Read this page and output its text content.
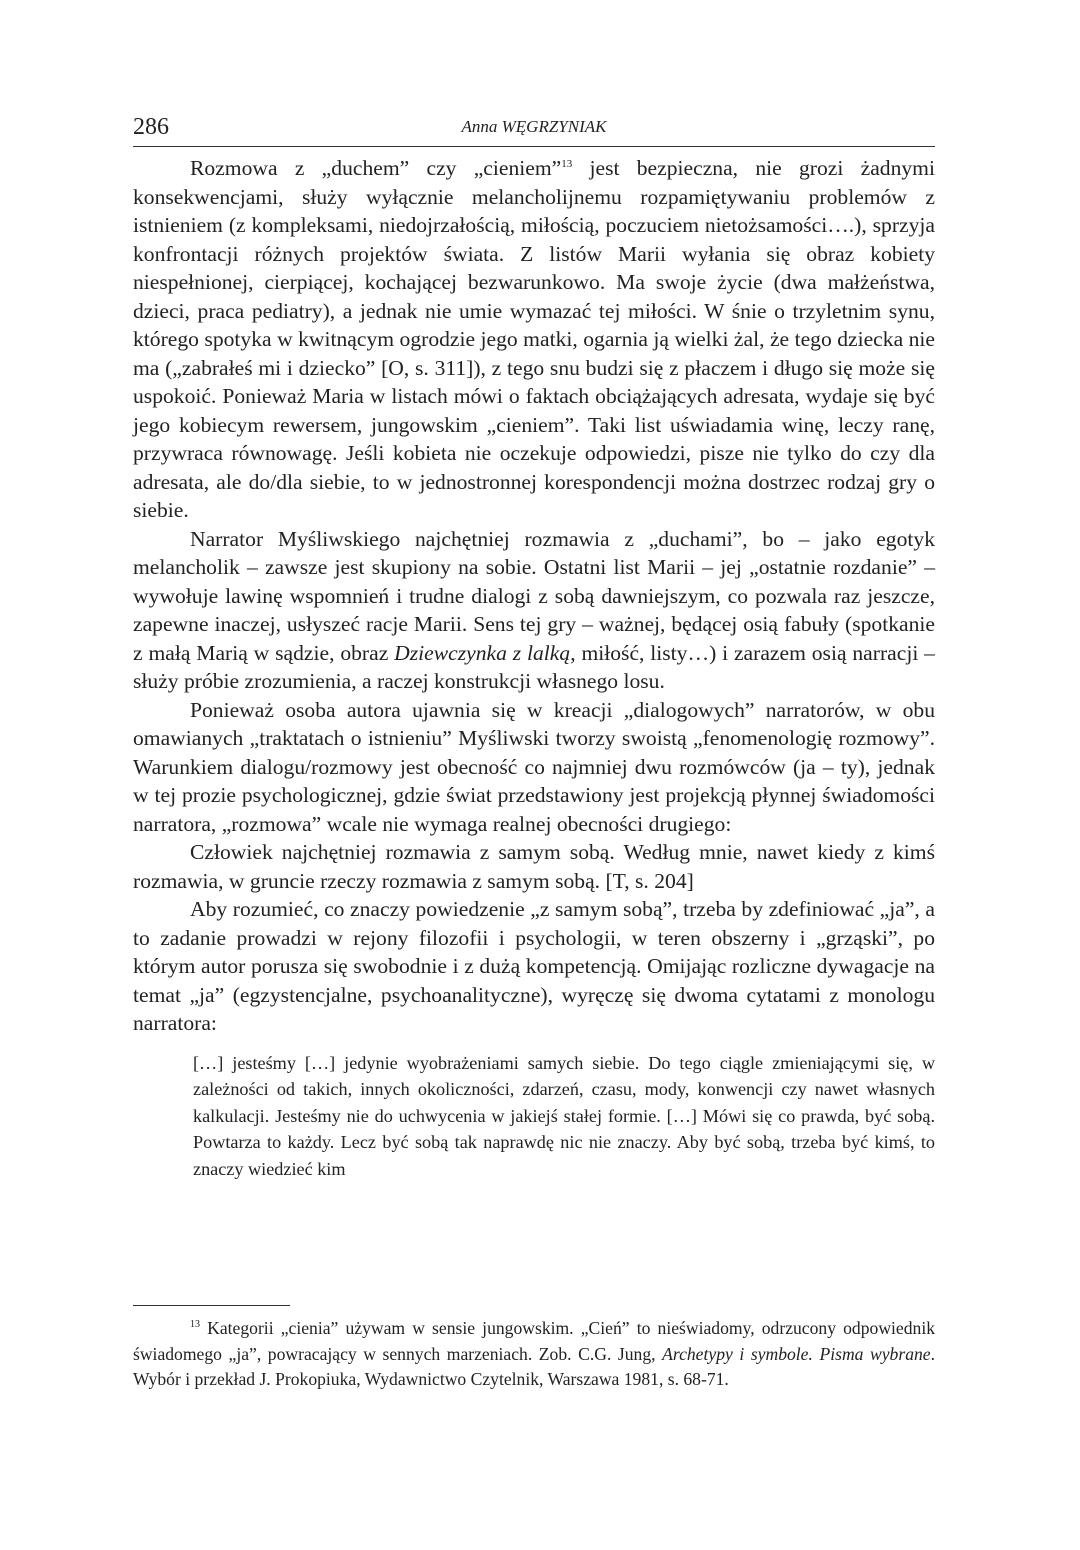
286	Anna WĘGRZYNIAK

Rozmowa z „duchem” czy „cieniem”$^{13}$ jest bezpieczna, nie grozi żadnymi konsekwencjami, służy wyłącznie melancholijnemu rozpamiętywaniu problemów z istnieniem (z kompleksami, niedojrzałością, miłością, poczuciem nietożsamości….), sprzyja konfrontacji różnych projektów świata. Z listów Marii wyłania się obraz kobiety niespełnionej, cierpiącej, kochającej bezwarunkowo. Ma swoje życie (dwa małżeństwa, dzieci, praca pediatry), a jednak nie umie wymazać tej miłości. W śnie o trzyletnim synu, którego spotyka w kwitnącym ogrodzie jego matki, ogarnia ją wielki żal, że tego dziecka nie ma („zabrałeś mi i dziecko” [O, s. 311]), z tego snu budzi się z płaczem i długo się może się uspokoić. Ponieważ Maria w listach mówi o faktach obciążających adresata, wydaje się być jego kobiecym rewersem, jungowskim „cieniem”. Taki list uświadamia winę, leczy ranę, przywraca równowagę. Jeśli kobieta nie oczekuje odpowiedzi, pisze nie tylko do czy dla adresata, ale do/dla siebie, to w jednostronnej korespondencji można dostrzec rodzaj gry o siebie.

Narrator Myśliwskiego najchętniej rozmawia z „duchami”, bo – jako egotyk melancholik – zawsze jest skupiony na sobie. Ostatni list Marii – jej „ostatnie rozdanie” – wywołuje lawinę wspomnień i trudne dialogi z sobą dawniejszym, co pozwala raz jeszcze, zapewne inaczej, usłyszeć racje Marii. Sens tej gry – ważnej, będącej osią fabuły (spotkanie z małą Marią w sądzie, obraz Dziewczynka z lalką, miłość, listy…) i zarazem osią narracji – służy próbie zrozumienia, a raczej konstrukcji własnego losu.

Ponieważ osoba autora ujawnia się w kreacji „dialogowych” narratorów, w obu omawianych „traktatach o istnieniu” Myśliwski tworzy swoistą „fenomenologię rozmowy”. Warunkiem dialogu/rozmowy jest obecność co najmniej dwu rozmówców (ja – ty), jednak w tej prozie psychologicznej, gdzie świat przedstawiony jest projekcją płynnej świadomości narratora, „rozmowa” wcale nie wymaga realnej obecności drugiego:

Człowiek najchętniej rozmawia z samym sobą. Według mnie, nawet kiedy z kimś rozmawia, w gruncie rzeczy rozmawia z samym sobą. [T, s. 204]

Aby rozumieć, co znaczy powiedzenie „z samym sobą”, trzeba by zdefiniować „ja”, a to zadanie prowadzi w rejony filozofii i psychologii, w teren obszerny i „grząski”, po którym autor porusza się swobodnie i z dużą kompetencją. Omijając rozliczne dywagacje na temat „ja” (egzystencjalne, psychoanalityczne), wyręczę się dwoma cytatami z monologu narratora:

[…] jesteśmy […] jedynie wyobrażeniami samych siebie. Do tego ciągle zmieniającymi się, w zależności od takich, innych okoliczności, zdarzeń, czasu, mody, konwencji czy nawet własnych kalkulacji. Jesteśmy nie do uchwycenia w jakiejś stałej formie. […] Mówi się co prawda, być sobą. Powtarza to każdy. Lecz być sobą tak naprawdę nic nie znaczy. Aby być sobą, trzeba być kimś, to znaczy wiedzieć kim
$^{13}$ Kategorii „cienia” używam w sensie jungowskim. „Cień” to nieświadomy, odrzucony odpowiednik świadomego „ja”, powracający w sennych marzeniach. Zob. C.G. Jung, Archetypy i symbole. Pisma wybrane. Wybór i przekład J. Prokopiuka, Wydawnictwo Czytelnik, Warszawa 1981, s. 68-71.
